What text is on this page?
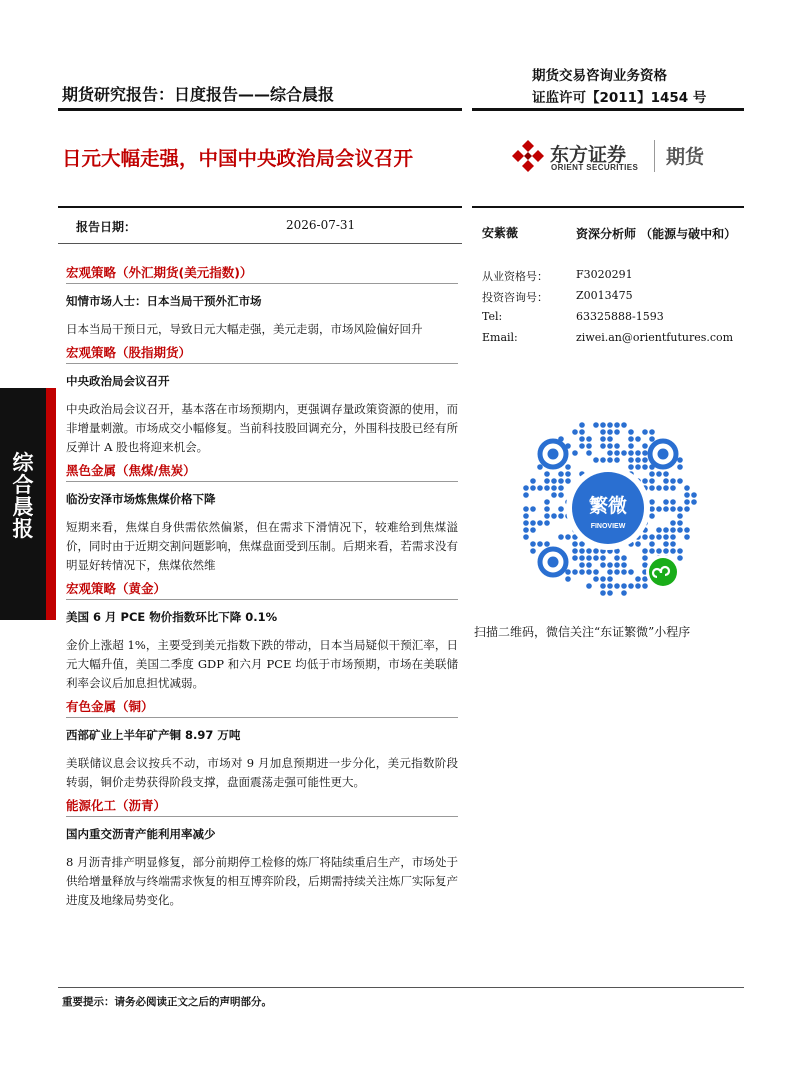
综
合
晨
报
期货研究报告：日度报告——综合晨报
期货交易咨询业务资格
证监许可【2011】1454 号
日元大幅走强，中国中央政治局会议召开	东方证券
ORIENT SECURITIES 期货
报告日期：	2026-07-31
宏观策略（外汇期货(美元指数)）
知情市场人士：日本当局干预外汇市场
日本当局干预日元，导致日元大幅走强，美元走弱，市场风险偏好回升
宏观策略（股指期货）
中央政治局会议召开
中央政治局会议召开，基本落在市场预期内，更强调存量政策资源的使用，而非增量刺激。市场成交小幅修复。当前科技股回调充分，外围科技股已经有所反弹计 A 股也将迎来机会。
黑色金属（焦煤/焦炭）
临汾安泽市场炼焦煤价格下降
短期来看，焦煤自身供需依然偏紧，但在需求下滑情况下，较难给到焦煤溢价，同时由于近期交割问题影响，焦煤盘面受到压制。后期来看，若需求没有明显好转情况下，焦煤依然维
宏观策略（黄金）
美国 6 月 PCE 物价指数环比下降 0.1%
金价上涨超 1%，主要受到美元指数下跌的带动，日本当局疑似干预汇率，日元大幅升值，美国二季度 GDP 和六月 PCE 均低于市场预期，市场在美联储利率会议后加息担忧减弱。
有色金属（铜）
西部矿业上半年矿产铜 8.97 万吨
美联储议息会议按兵不动，市场对 9 月加息预期进一步分化，美元指数阶段转弱，铜价走势获得阶段支撑，盘面震荡走强可能性更大。
能源化工（沥青）
国内重交沥青产能利用率减少
8 月沥青排产明显修复，部分前期停工检修的炼厂将陆续重启生产，市场处于供给增量释放与终端需求恢复的相互博弈阶段，后期需持续关注炼厂实际复产进度及地缘局势变化。
安紫薇	资深分析师 （能源与破中和）
从业资格号：	F3020291
投资咨询号：	Z0013475
Tel:	63325888-1593
Email:	ziwei.an@orientfutures.com
繁微
FINOVIEW
扫描二维码，微信关注“东证繁微”小程序
重要提示：请务必阅读正文之后的声明部分。
